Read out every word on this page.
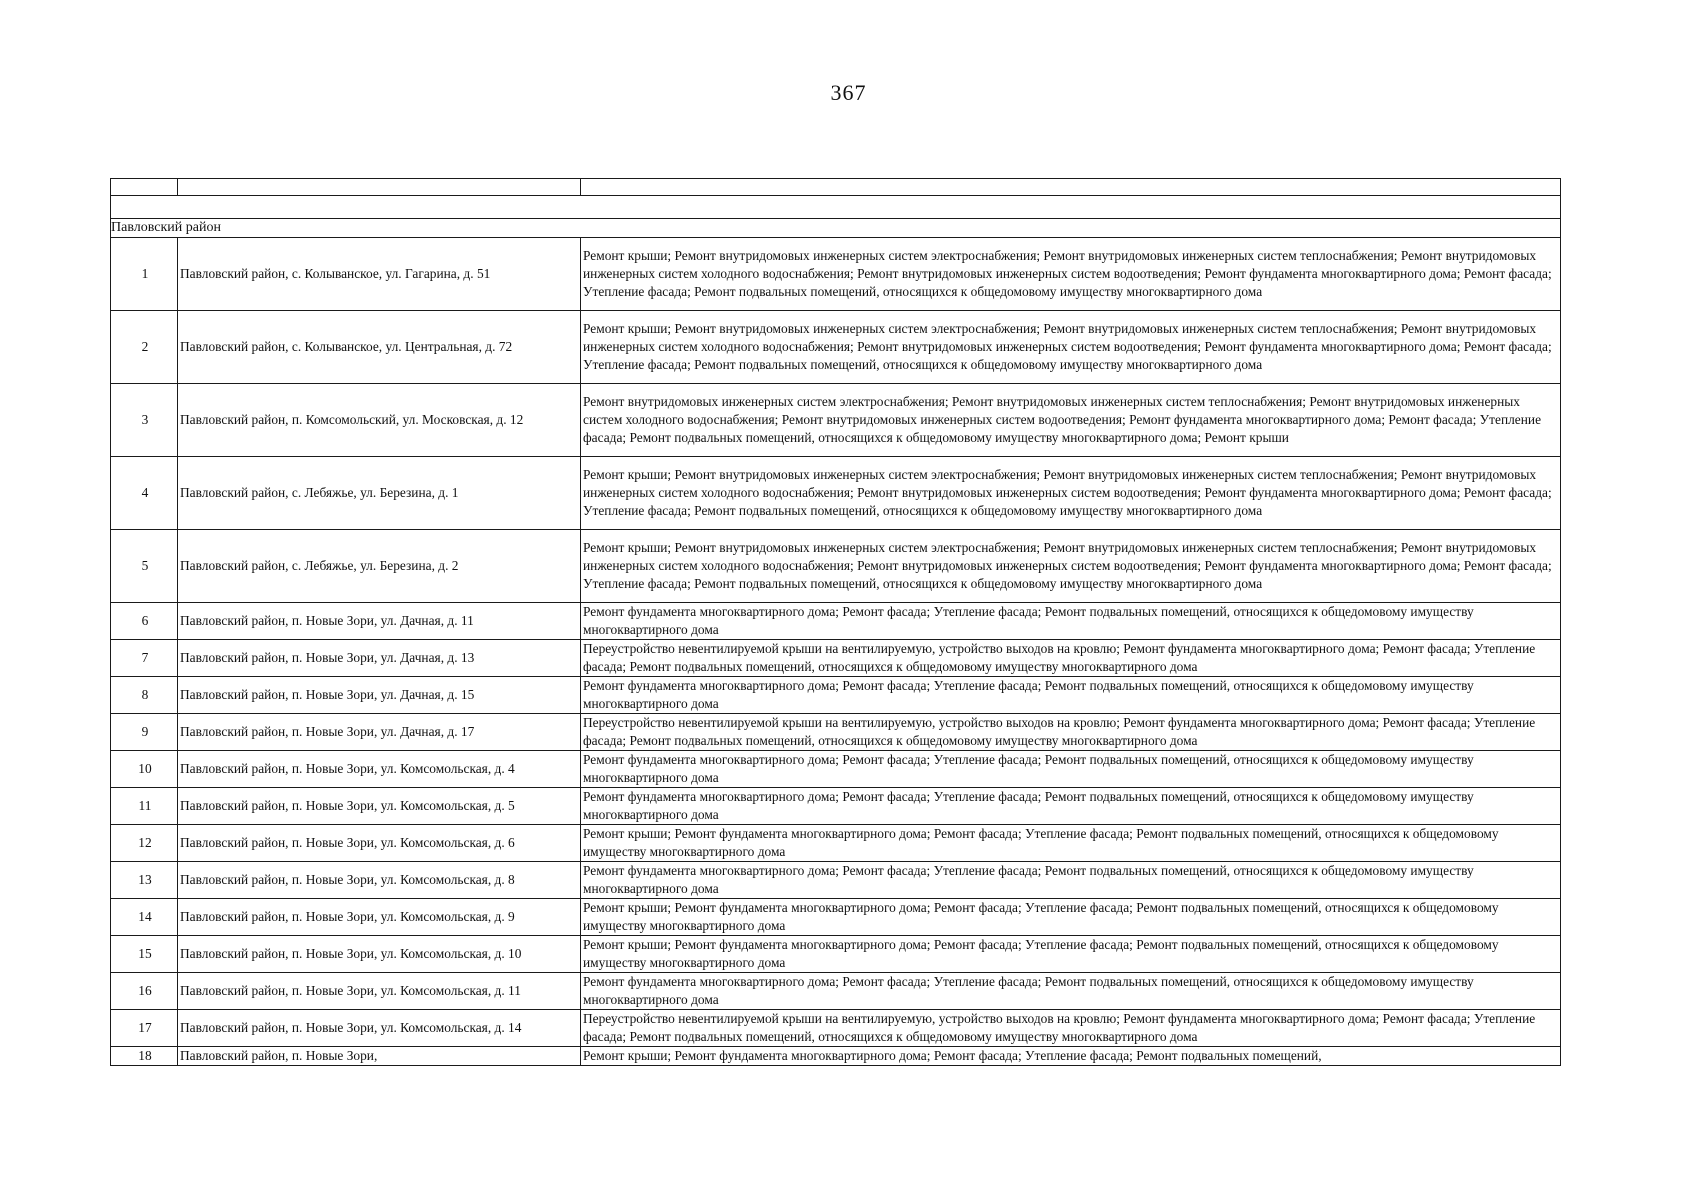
367

Павловский район		
1	Павловский район, с. Колыванское, ул. Гагарина, д. 51	Ремонт крыши; Ремонт внутридомовых инженерных систем электроснабжения; Ремонт внутридомовых инженерных систем теплоснабжения; Ремонт внутридомовых инженерных систем холодного водоснабжения; Ремонт внутридомовых инженерных систем водоотведения; Ремонт фундамента многоквартирного дома; Ремонт фасада; Утепление фасада; Ремонт подвальных помещений, относящихся к общедомовому имуществу многоквартирного дома
2	Павловский район, с. Колыванское, ул. Центральная, д. 72	Ремонт крыши; Ремонт внутридомовых инженерных систем электроснабжения; Ремонт внутридомовых инженерных систем теплоснабжения; Ремонт внутридомовых инженерных систем холодного водоснабжения; Ремонт внутридомовых инженерных систем водоотведения; Ремонт фундамента многоквартирного дома; Ремонт фасада; Утепление фасада; Ремонт подвальных помещений, относящихся к общедомовому имуществу многоквартирного дома
3	Павловский район, п. Комсомольский, ул. Московская, д. 12	Ремонт внутридомовых инженерных систем электроснабжения; Ремонт внутридомовых инженерных систем теплоснабжения; Ремонт внутридомовых инженерных систем холодного водоснабжения; Ремонт внутридомовых инженерных систем водоотведения; Ремонт фундамента многоквартирного дома; Ремонт фасада; Утепление фасада; Ремонт подвальных помещений, относящихся к общедомовому имуществу многоквартирного дома; Ремонт крыши
4	Павловский район, с. Лебяжье, ул. Березина, д. 1	Ремонт крыши; Ремонт внутридомовых инженерных систем электроснабжения; Ремонт внутридомовых инженерных систем теплоснабжения; Ремонт внутридомовых инженерных систем холодного водоснабжения; Ремонт внутридомовых инженерных систем водоотведения; Ремонт фундамента многоквартирного дома; Ремонт фасада; Утепление фасада; Ремонт подвальных помещений, относящихся к общедомовому имуществу многоквартирного дома
5	Павловский район, с. Лебяжье, ул. Березина, д. 2	Ремонт крыши; Ремонт внутридомовых инженерных систем электроснабжения; Ремонт внутридомовых инженерных систем теплоснабжения; Ремонт внутридомовых инженерных систем холодного водоснабжения; Ремонт внутридомовых инженерных систем водоотведения; Ремонт фундамента многоквартирного дома; Ремонт фасада; Утепление фасада; Ремонт подвальных помещений, относящихся к общедомовому имуществу многоквартирного дома
6	Павловский район, п. Новые Зори, ул. Дачная, д. 11	Ремонт фундамента многоквартирного дома; Ремонт фасада; Утепление фасада; Ремонт подвальных помещений, относящихся к общедомовому имуществу многоквартирного дома
7	Павловский район, п. Новые Зори, ул. Дачная, д. 13	Переустройство невентилируемой крыши на вентилируемую, устройство выходов на кровлю; Ремонт фундамента многоквартирного дома; Ремонт фасада; Утепление фасада; Ремонт подвальных помещений, относящихся к общедомовому имуществу многоквартирного дома
8	Павловский район, п. Новые Зори, ул. Дачная, д. 15	Ремонт фундамента многоквартирного дома; Ремонт фасада; Утепление фасада; Ремонт подвальных помещений, относящихся к общедомовому имуществу многоквартирного дома
9	Павловский район, п. Новые Зори, ул. Дачная, д. 17	Переустройство невентилируемой крыши на вентилируемую, устройство выходов на кровлю; Ремонт фундамента многоквартирного дома; Ремонт фасада; Утепление фасада; Ремонт подвальных помещений, относящихся к общедомовому имуществу многоквартирного дома
10	Павловский район, п. Новые Зори, ул. Комсомольская, д. 4	Ремонт фундамента многоквартирного дома; Ремонт фасада; Утепление фасада; Ремонт подвальных помещений, относящихся к общедомовому имуществу многоквартирного дома
11	Павловский район, п. Новые Зори, ул. Комсомольская, д. 5	Ремонт фундамента многоквартирного дома; Ремонт фасада; Утепление фасада; Ремонт подвальных помещений, относящихся к общедомовому имуществу многоквартирного дома
12	Павловский район, п. Новые Зори, ул. Комсомольская, д. 6	Ремонт крыши; Ремонт фундамента многоквартирного дома; Ремонт фасада; Утепление фасада; Ремонт подвальных помещений, относящихся к общедомовому имуществу многоквартирного дома
13	Павловский район, п. Новые Зори, ул. Комсомольская, д. 8	Ремонт фундамента многоквартирного дома; Ремонт фасада; Утепление фасада; Ремонт подвальных помещений, относящихся к общедомовому имуществу многоквартирного дома
14	Павловский район, п. Новые Зори, ул. Комсомольская, д. 9	Ремонт крыши; Ремонт фундамента многоквартирного дома; Ремонт фасада; Утепление фасада; Ремонт подвальных помещений, относящихся к общедомовому имуществу многоквартирного дома
15	Павловский район, п. Новые Зори, ул. Комсомольская, д. 10	Ремонт крыши; Ремонт фундамента многоквартирного дома; Ремонт фасада; Утепление фасада; Ремонт подвальных помещений, относящихся к общедомовому имуществу многоквартирного дома
16	Павловский район, п. Новые Зори, ул. Комсомольская, д. 11	Ремонт фундамента многоквартирного дома; Ремонт фасада; Утепление фасада; Ремонт подвальных помещений, относящихся к общедомовому имуществу многоквартирного дома
17	Павловский район, п. Новые Зори, ул. Комсомольская, д. 14	Переустройство невентилируемой крыши на вентилируемую, устройство выходов на кровлю; Ремонт фундамента многоквартирного дома; Ремонт фасада; Утепление фасада; Ремонт подвальных помещений, относящихся к общедомовому имуществу многоквартирного дома
18	Павловский район, п. Новые Зори,	Ремонт крыши; Ремонт фундамента многоквартирного дома; Ремонт фасада; Утепление фасада; Ремонт подвальных помещений,
